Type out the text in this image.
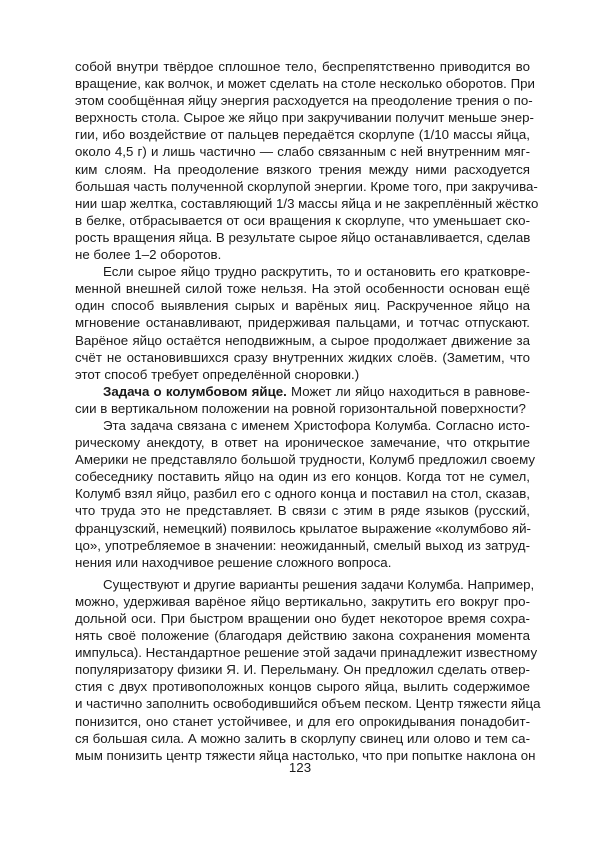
собой внутри твёрдое сплошное тело, беспрепятственно приводится во
вращение, как волчок, и может сделать на столе несколько оборотов. При
этом сообщённая яйцу энергия расходуется на преодоление трения о по-
верхность стола. Сырое же яйцо при закручивании получит меньше энер-
гии, ибо воздействие от пальцев передаётся скорлупе (1/10 массы яйца,
около 4,5 г) и лишь частично — слабо связанным с ней внутренним мяг-
ким слоям. На преодоление вязкого трения между ними расходуется
большая часть полученной скорлупой энергии. Кроме того, при закручива-
нии шар желтка, составляющий 1/3 массы яйца и не закреплённый жёстко
в белке, отбрасывается от оси вращения к скорлупе, что уменьшает ско-
рость вращения яйца. В результате сырое яйцо останавливается, сделав
не более 1–2 оборотов.
Если сырое яйцо трудно раскрутить, то и остановить его кратковре-
менной внешней силой тоже нельзя. На этой особенности основан ещё
один способ выявления сырых и варёных яиц. Раскрученное яйцо на
мгновение останавливают, придерживая пальцами, и тотчас отпускают.
Варёное яйцо остаётся неподвижным, а сырое продолжает движение за
счёт не остановившихся сразу внутренних жидких слоёв. (Заметим, что
этот способ требует определённой сноровки.)
Задача о колумбовом яйце. Может ли яйцо находиться в равнове-
сии в вертикальном положении на ровной горизонтальной поверхности?
Эта задача связана с именем Христофора Колумба. Согласно исто-
рическому анекдоту, в ответ на ироническое замечание, что открытие
Америки не представляло большой трудности, Колумб предложил своему
собеседнику поставить яйцо на один из его концов. Когда тот не сумел,
Колумб взял яйцо, разбил его с одного конца и поставил на стол, сказав,
что труда это не представляет. В связи с этим в ряде языков (русский,
французский, немецкий) появилось крылатое выражение «колумбово яй-
цо», употребляемое в значении: неожиданный, смелый выход из затруд-
нения или находчивое решение сложного вопроса.
Существуют и другие варианты решения задачи Колумба. Например,
можно, удерживая варёное яйцо вертикально, закрутить его вокруг про-
дольной оси. При быстром вращении оно будет некоторое время сохра-
нять своё положение (благодаря действию закона сохранения момента
импульса). Нестандартное решение этой задачи принадлежит известному
популяризатору физики Я. И. Перельману. Он предложил сделать отвер-
стия с двух противоположных концов сырого яйца, вылить содержимое
и частично заполнить освободившийся объем песком. Центр тяжести яйца
понизится, оно станет устойчивее, и для его опрокидывания понадобит-
ся большая сила. А можно залить в скорлупу свинец или олово и тем са-
мым понизить центр тяжести яйца настолько, что при попытке наклона он
123
